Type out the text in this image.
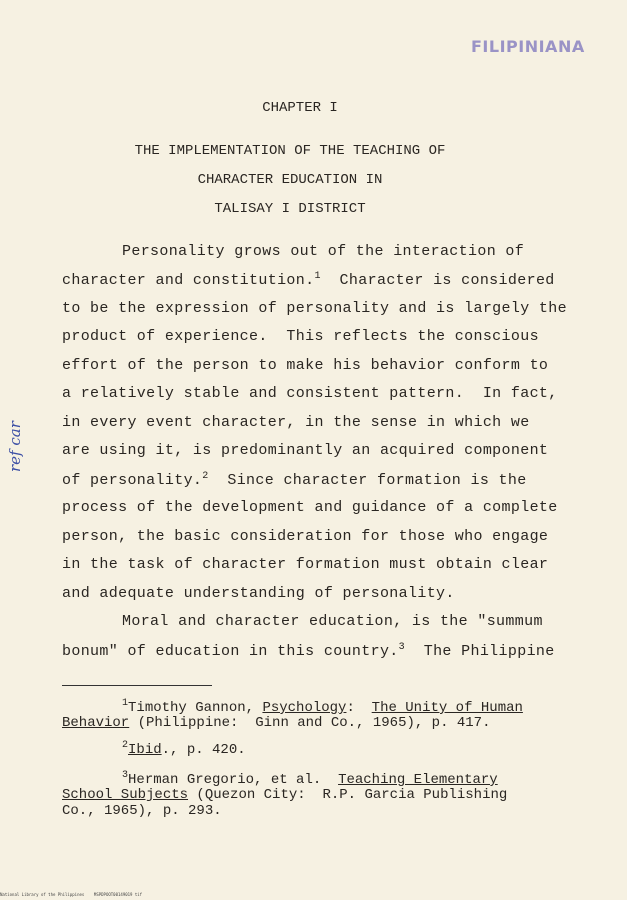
FILIPINIANA
ref car
CHAPTER I
THE IMPLEMENTATION OF THE TEACHING OF
CHARACTER EDUCATION IN
TALISAY I DISTRICT
Personality grows out of the interaction of
character and constitution.$^1$  Character is considered
to be the expression of personality and is largely the
product of experience.  This reflects the conscious
effort of the person to make his behavior conform to
a relatively stable and consistent pattern.  In fact,
in every event character, in the sense in which we
are using it, is predominantly an acquired component
of personality.$^2$  Since character formation is the
process of the development and guidance of a complete
person, the basic consideration for those who engage
in the task of character formation must obtain clear
and adequate understanding of personality.
Moral and character education, is the "summum
bonum" of education in this country.$^3$  The Philippine
$^1$Timothy Gannon, Psychology:  The Unity of Human
Behavior (Philippine:  Ginn and Co., 1965), p. 417.
$^2$Ibid., p. 420.
$^3$Herman Gregorio, et al.  Teaching Elementary
School Subjects (Quezon City:  R.P. Garcia Publishing
Co., 1965), p. 293.
National Library of the Philippines    MSPDPOOT00149019 tif
